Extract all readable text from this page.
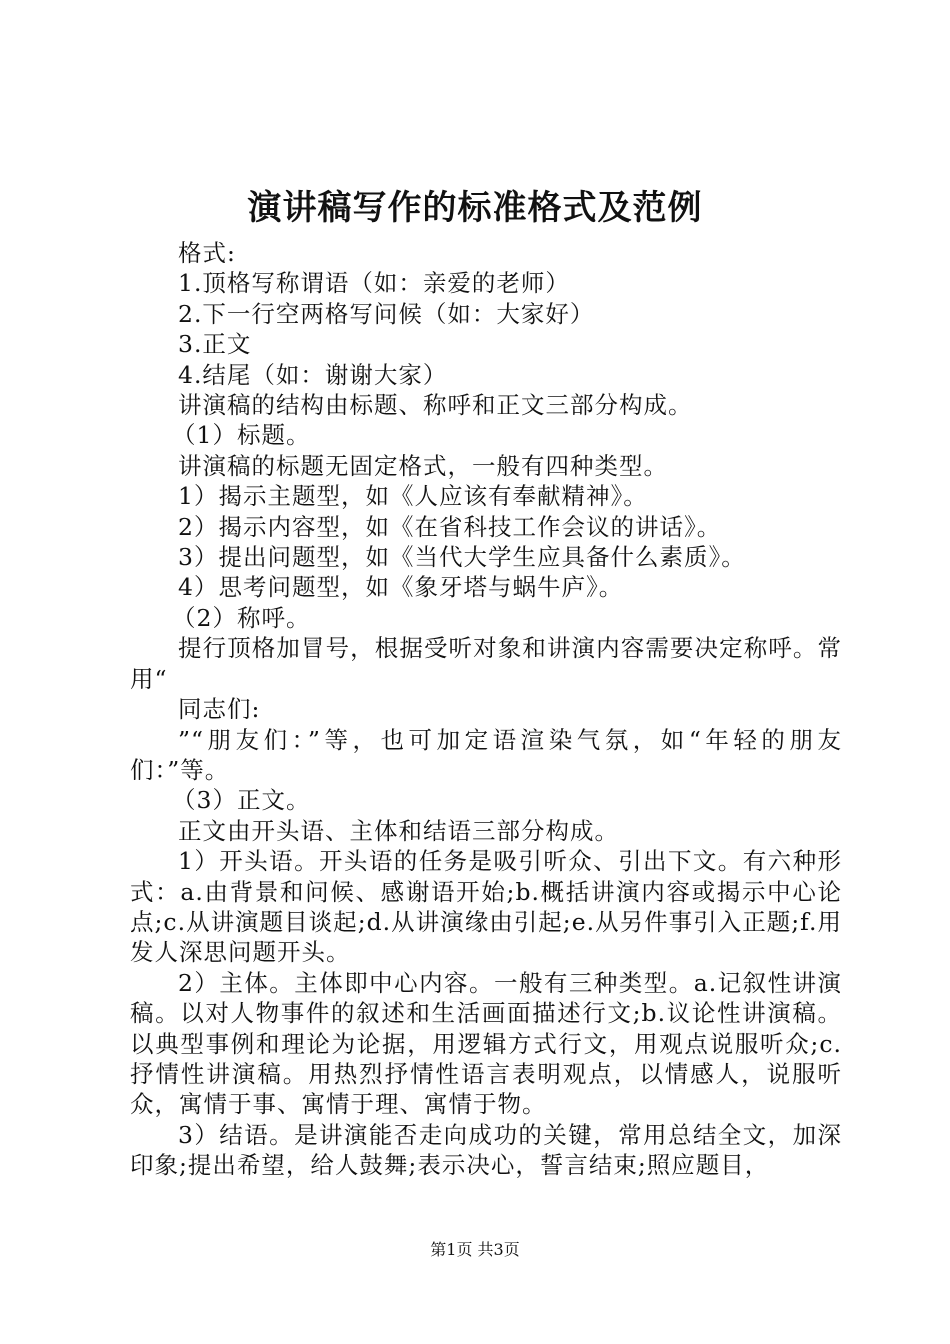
演讲稿写作的标准格式及范例

格式:

1.顶格写称谓语（如：亲爱的老师）

2.下一行空两格写问候（如：大家好）

3.正文

4.结尾（如：谢谢大家）

讲演稿的结构由标题、称呼和正文三部分构成。

（1）标题。

讲演稿的标题无固定格式，一般有四种类型。

1）揭示主题型，如《人应该有奉献精神》。

2）揭示内容型，如《在省科技工作会议的讲话》。

3）提出问题型，如《当代大学生应具备什么素质》。

4）思考问题型，如《象牙塔与蜗牛庐》。

（2）称呼。

提行顶格加冒号，根据受听对象和讲演内容需要决定称呼。常用“

同志们:

”“朋友们：”等，也可加定语渲染气氛，如“年轻的朋友们：”等。

（3）正文。

正文由开头语、主体和结语三部分构成。

1）开头语。开头语的任务是吸引听众、引出下文。有六种形式：a.由背景和问候、感谢语开始;b.概括讲演内容或揭示中心论点;c.从讲演题目谈起;d.从讲演缘由引起;e.从另件事引入正题;f.用发人深思问题开头。

2）主体。主体即中心内容。一般有三种类型。a.记叙性讲演稿。以对人物事件的叙述和生活画面描述行文;b.议论性讲演稿。以典型事例和理论为论据，用逻辑方式行文，用观点说服听众;c.抒情性讲演稿。用热烈抒情性语言表明观点，以情感人，说服听众，寓情于事、寓情于理、寓情于物。

3）结语。是讲演能否走向成功的关键，常用总结全文，加深印象;提出希望，给人鼓舞;表示决心，誓言结束;照应题目，

第1页 共3页
